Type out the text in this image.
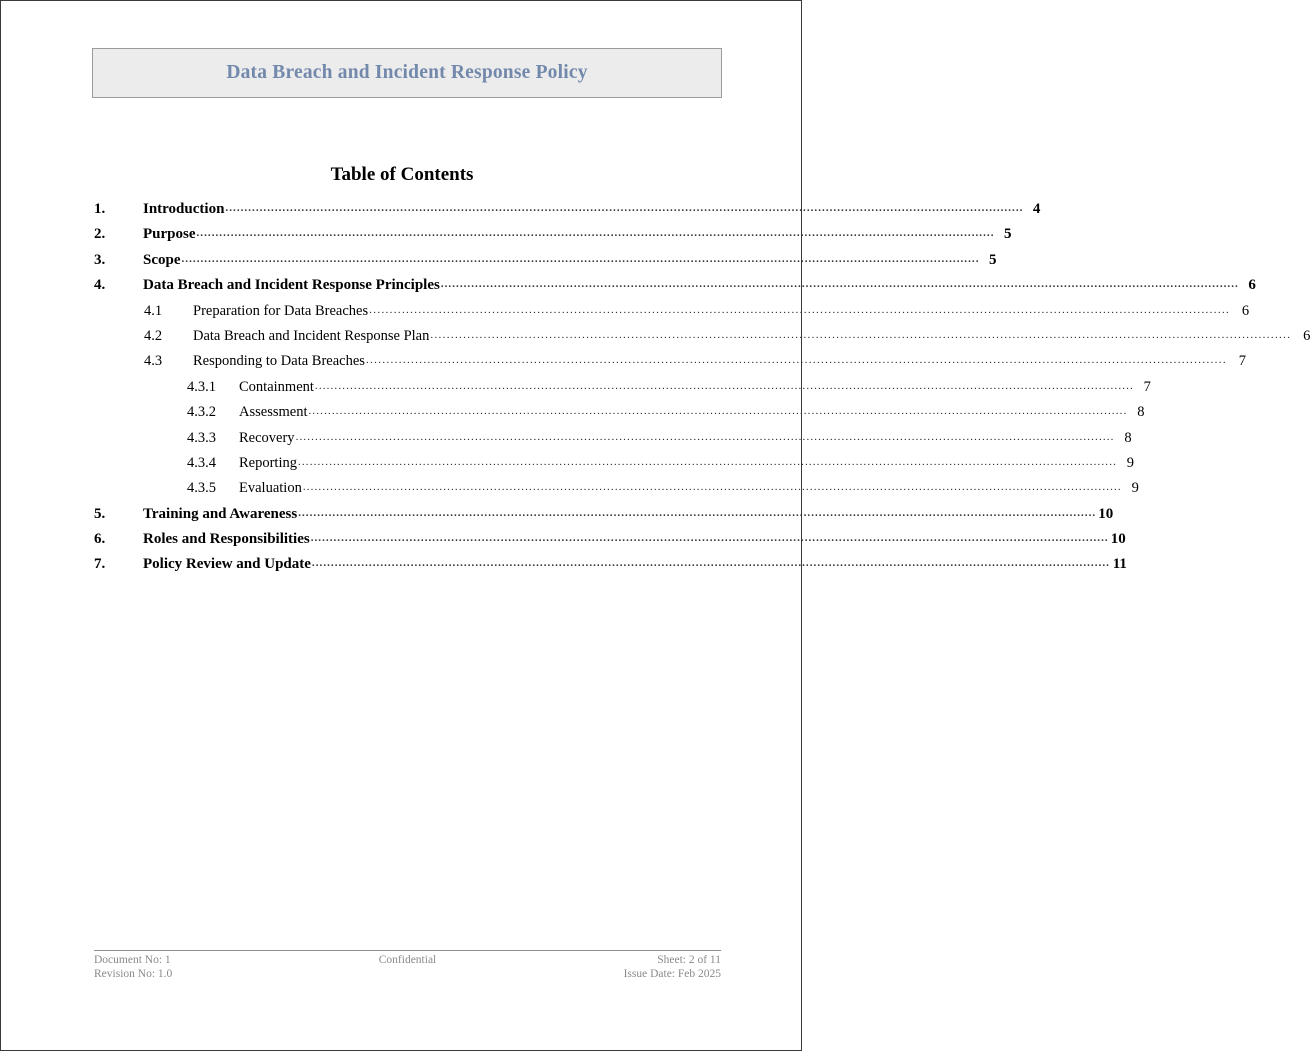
Data Breach and Incident Response Policy
Table of Contents
1.	Introduction .....	4
2.	Purpose .....	5
3.	Scope .....	5
4.	Data Breach and Incident Response Principles .....	6
4.1	Preparation for Data Breaches .....	6
4.2	Data Breach and Incident Response Plan .....	6
4.3	Responding to Data Breaches .....	7
4.3.1	Containment .....	7
4.3.2	Assessment .....	8
4.3.3	Recovery .....	8
4.3.4	Reporting .....	9
4.3.5	Evaluation .....	9
5.	Training and Awareness .....	10
6.	Roles and Responsibilities .....	10
7.	Policy Review and Update .....	11
Document No: 1	Confidential	Sheet: 2 of 11
Revision No: 1.0	Issue Date: Feb 2025
